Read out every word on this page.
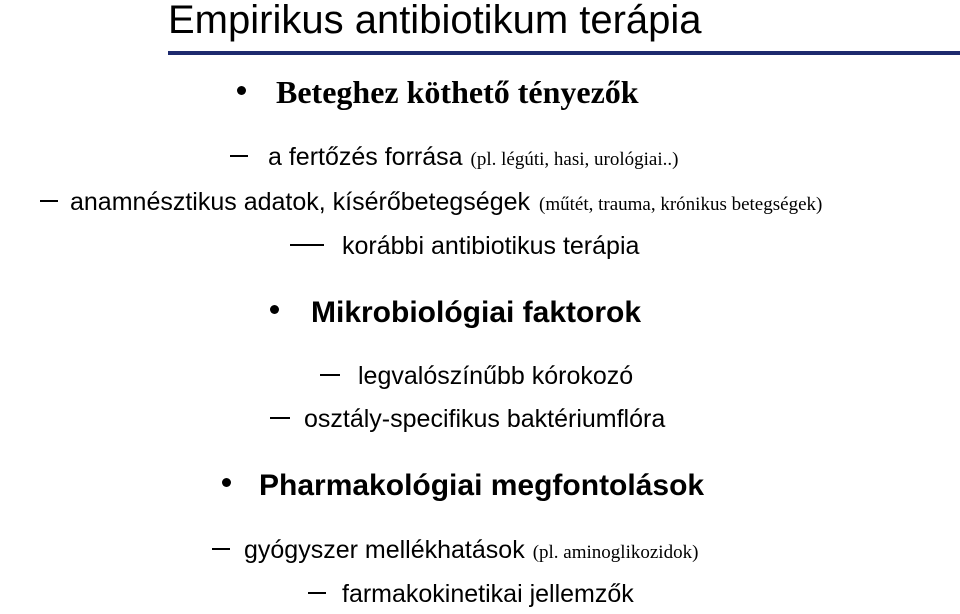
Empirikus antibiotikum terápia
Beteghez köthető tényezők
a fertőzés forrása (pl. légúti, hasi, urológiai..)
anamnésztikus adatok, kísérőbetegségek (műtét, trauma, krónikus betegségek)
korábbi antibiotikus terápia
Mikrobiológiai faktorok
legvalószínűbb kórokozó
osztály-specifikus baktériumflóra
Pharmakológiai megfontolások
gyógyszer mellékhatások (pl. aminoglikozidok)
farmakokinetikai jellemzők
